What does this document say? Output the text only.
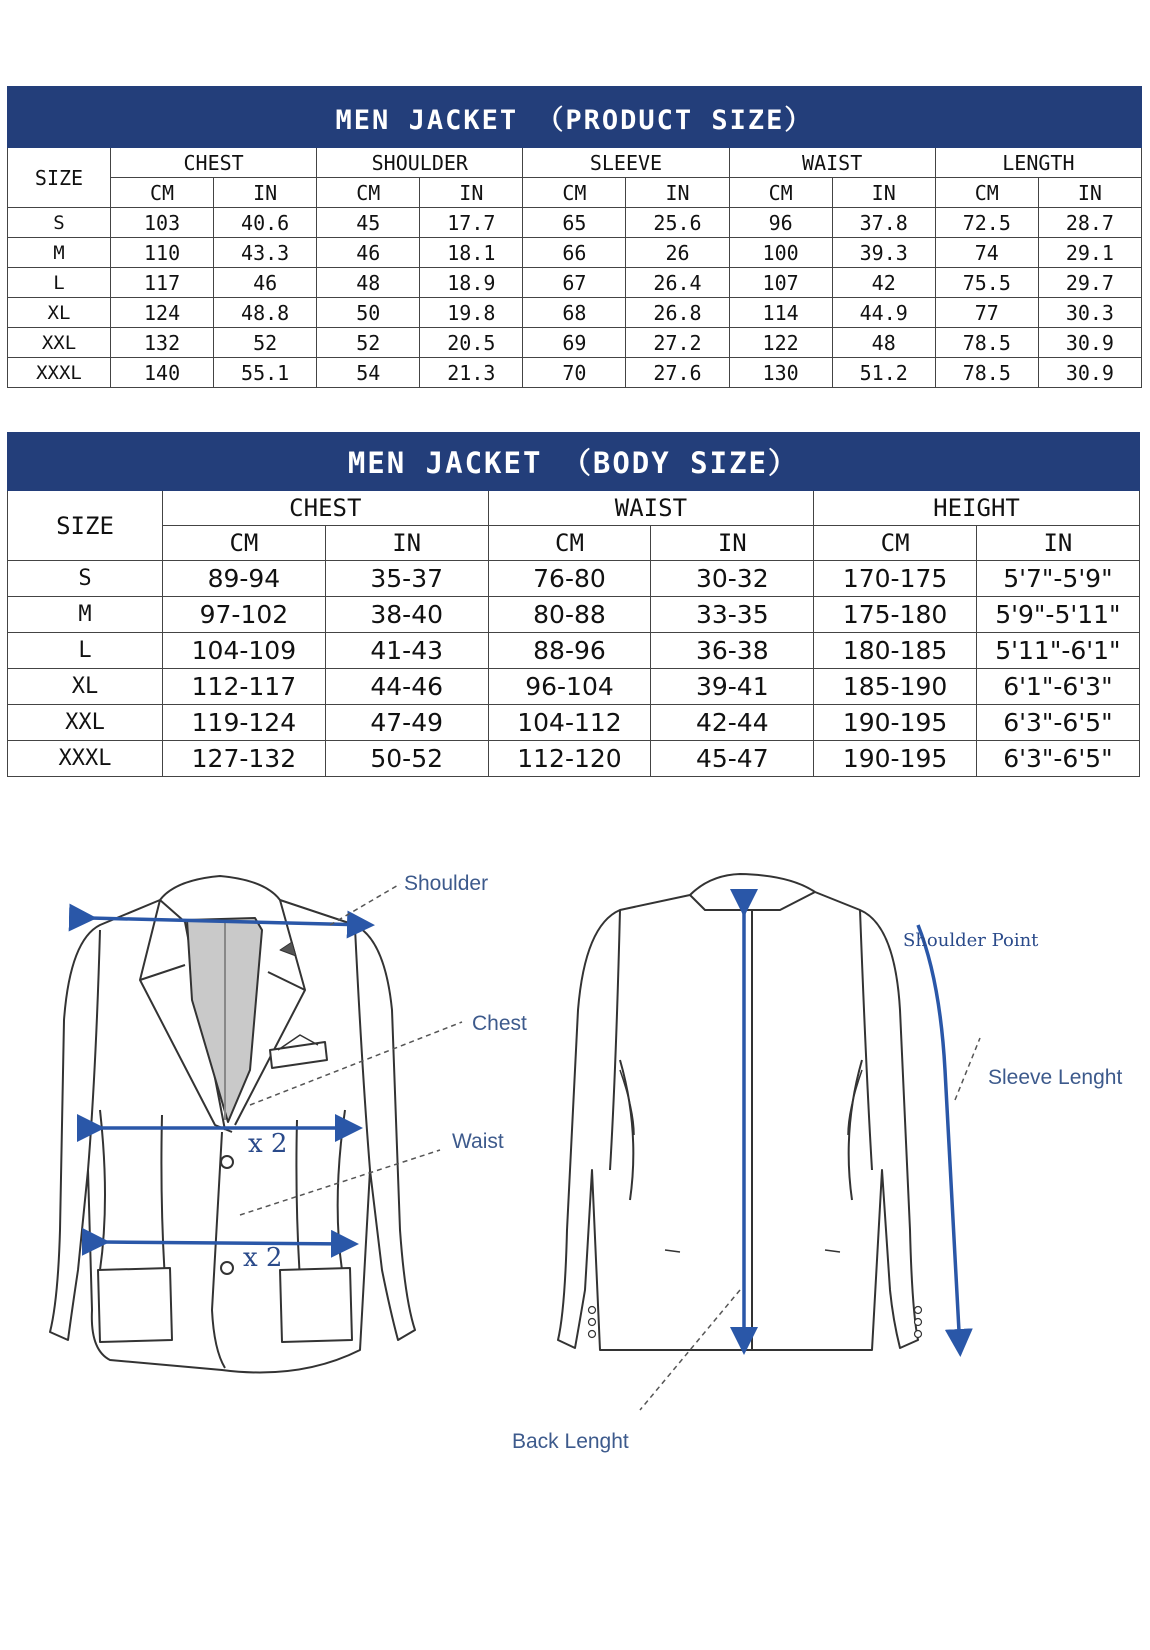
MEN JACKET （PRODUCT SIZE）										
SIZE	CHEST		SHOULDER		SLEEVE		WAIST		LENGTH	
	CM	IN	CM	IN	CM	IN	CM	IN	CM	IN
S	103	40.6	45	17.7	65	25.6	96	37.8	72.5	28.7
M	110	43.3	46	18.1	66	26	100	39.3	74	29.1
L	117	46	48	18.9	67	26.4	107	42	75.5	29.7
XL	124	48.8	50	19.8	68	26.8	114	44.9	77	30.3
XXL	132	52	52	20.5	69	27.2	122	48	78.5	30.9
XXXL	140	55.1	54	21.3	70	27.6	130	51.2	78.5	30.9
MEN JACKET （BODY SIZE）						
SIZE	CHEST		WAIST		HEIGHT	
	CM	IN	CM	IN	CM	IN
S	89-94	35-37	76-80	30-32	170-175	5'7"-5'9"
M	97-102	38-40	80-88	33-35	175-180	5'9"-5'11"
L	104-109	41-43	88-96	36-38	180-185	5'11"-6'1"
XL	112-117	44-46	96-104	39-41	185-190	6'1"-6'3"
XXL	119-124	47-49	104-112	42-44	190-195	6'3"-6'5"
XXXL	127-132	50-52	112-120	45-47	190-195	6'3"-6'5"
Shoulder
Chest
Waist
x 2
x 2
Shoulder Point
Sleeve Lenght
Back Lenght
